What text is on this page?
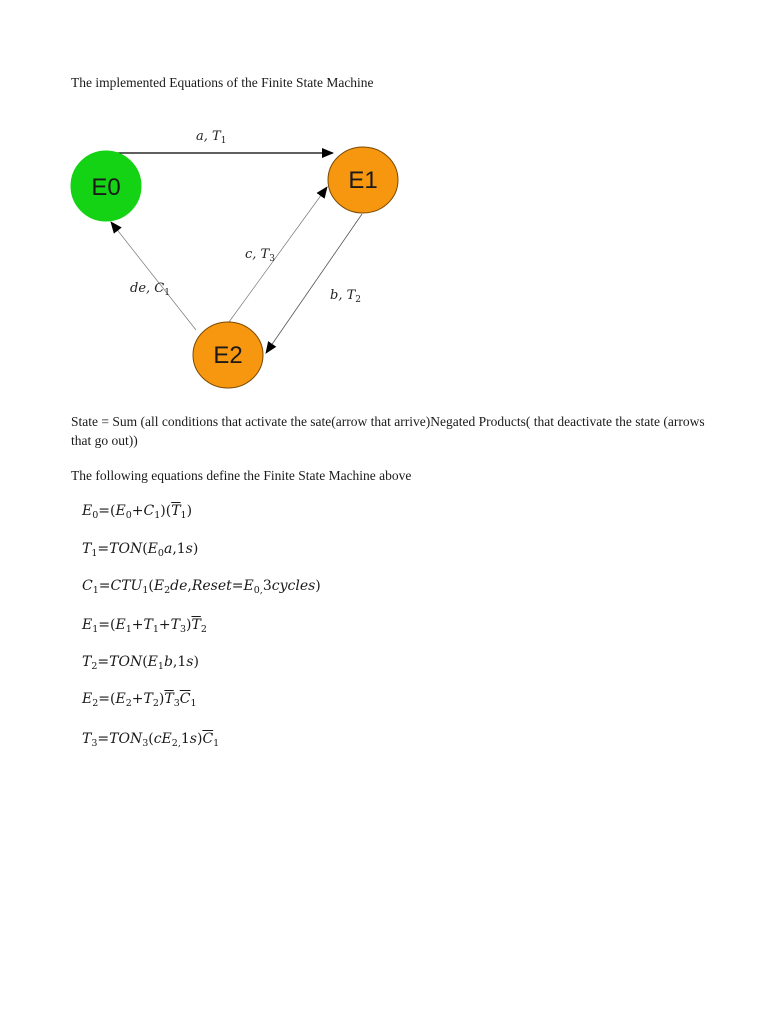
The implemented Equations of the Finite State Machine

E0	E1
E2
a, $T_1$
c, $T_3$
de, $C_1$	b, $T_2$

State = Sum (all conditions that activate the sate(arrow that arrive)Negated Products( that deactivate the state (arrows that go out))

The following equations define the Finite State Machine above

$E_0=(E_0+C_1)(\overline{T}_1)$
$T_1=TON(E_0a,1s)$
$C_1=CTU_1(E_2de,Reset=E_{0,}3cycles)$
$E_1=(E_1+T_1+T_3)\overline{T}_2$
$T_2=TON(E_1b,1s)$
$E_2=(E_2+T_2)\overline{T}_3\overline{C}_1$
$T_3=TON_3(cE_{2,}1s)\overline{C}_1$
